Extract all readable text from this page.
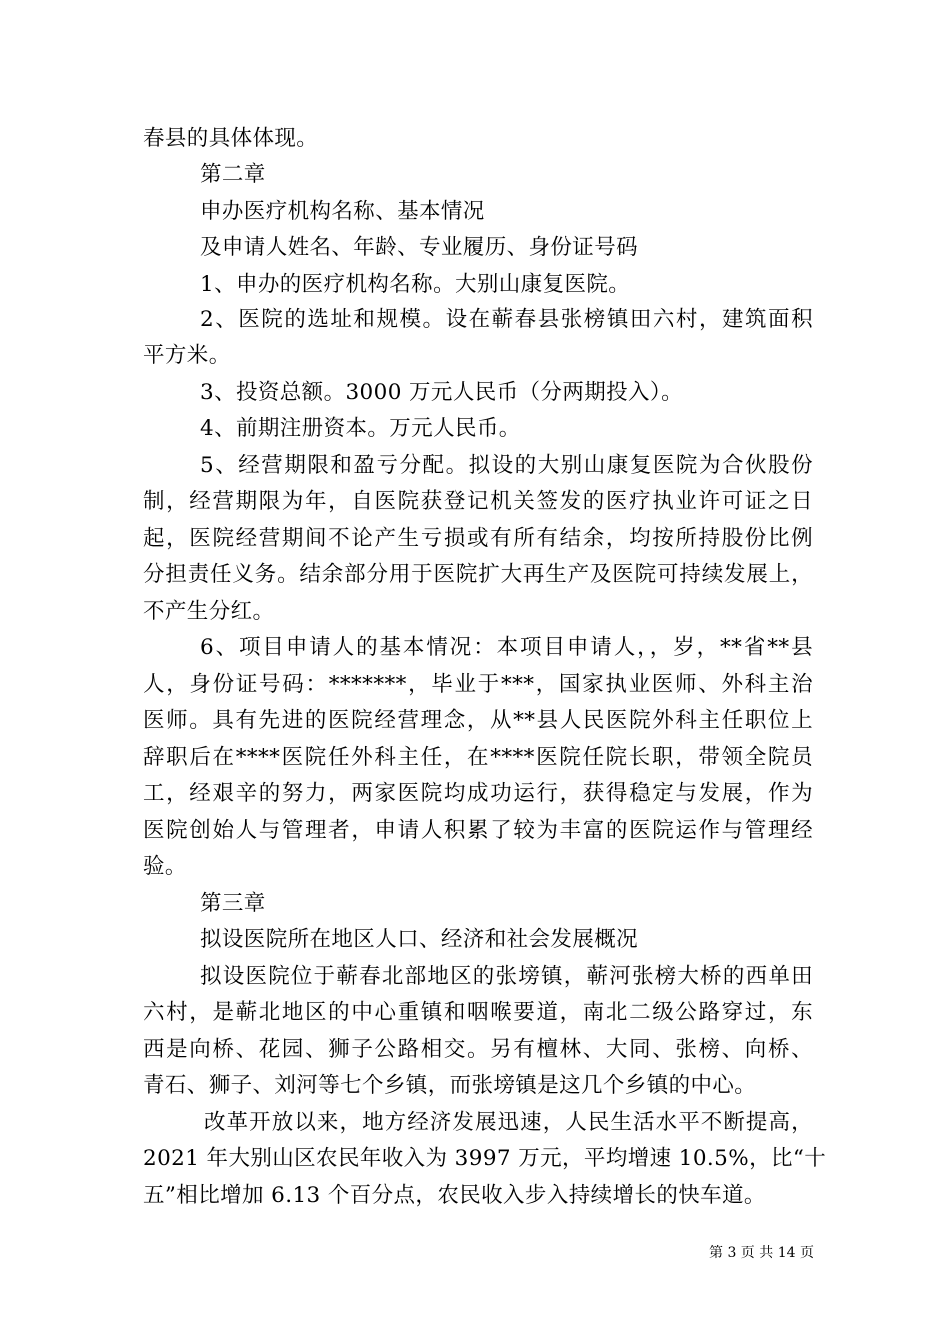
春县的具体体现。
第二章
申办医疗机构名称、基本情况
及申请人姓名、年龄、专业履历、身份证号码
1、申办的医疗机构名称。大别山康复医院。
2、医院的选址和规模。设在蕲春县张榜镇田六村，建筑面积
平方米。
3、投资总额。3000 万元人民币（分两期投入）。
4、前期注册资本。万元人民币。
5、经营期限和盈亏分配。拟设的大别山康复医院为合伙股份
制，经营期限为年，自医院获登记机关签发的医疗执业许可证之日
起，医院经营期间不论产生亏损或有所有结余，均按所持股份比例
分担责任义务。结余部分用于医院扩大再生产及医院可持续发展上，
不产生分红。
6、项目申请人的基本情况：本项目申请人，，岁，**省**县
人，身份证号码：*******，毕业于***，国家执业医师、外科主治
医师。具有先进的医院经营理念，从**县人民医院外科主任职位上
辞职后在****医院任外科主任，在****医院任院长职，带领全院员
工，经艰辛的努力，两家医院均成功运行，获得稳定与发展，作为
医院创始人与管理者，申请人积累了较为丰富的医院运作与管理经
验。
第三章
拟设医院所在地区人口、经济和社会发展概况
拟设医院位于蕲春北部地区的张塝镇，蕲河张榜大桥的西单田
六村，是蕲北地区的中心重镇和咽喉要道，南北二级公路穿过，东
西是向桥、花园、狮子公路相交。另有檀林、大同、张榜、向桥、
青石、狮子、刘河等七个乡镇，而张塝镇是这几个乡镇的中心。
改革开放以来，地方经济发展迅速，人民生活水平不断提高，
2021 年大别山区农民年收入为 3997 万元，平均增速 10.5%，比“十
五”相比增加 6.13 个百分点，农民收入步入持续增长的快车道。
第 3 页 共 14 页
